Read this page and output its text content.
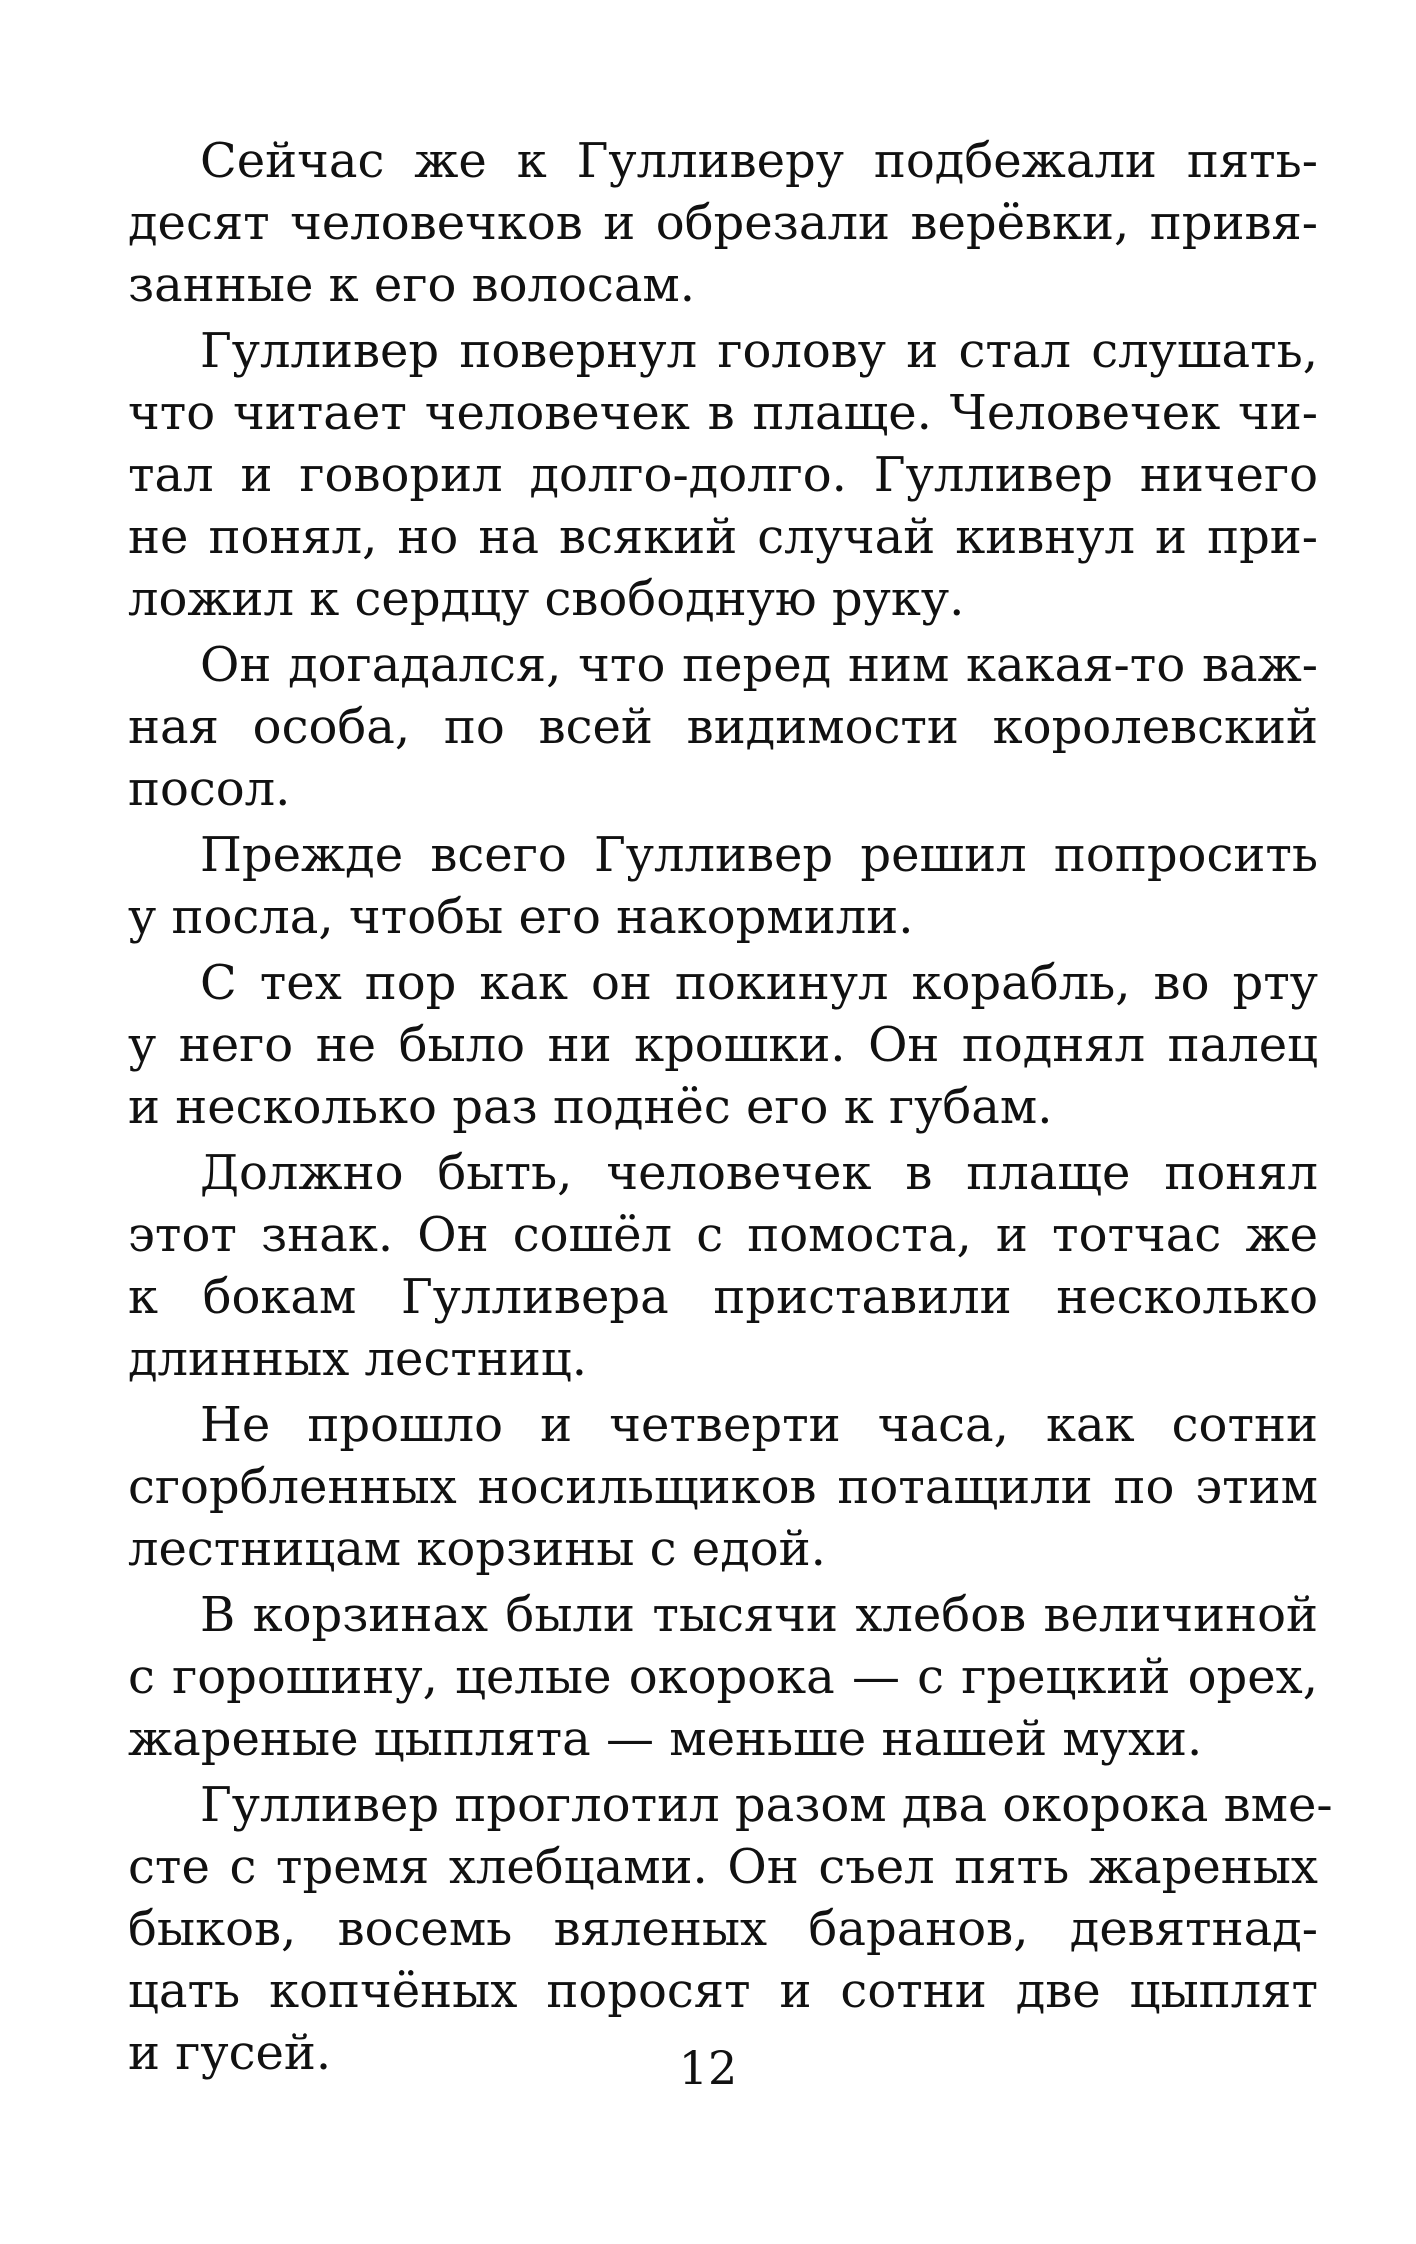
Сейчас же к Гулливеру подбежали пять-
десят человечков и обрезали верёвки, привя-
занные к его волосам.

Гулливер повернул голову и стал слушать,
что читает человечек в плаще. Человечек чи-
тал и говорил долго-долго. Гулливер ничего
не понял, но на всякий случай кивнул и при-
ложил к сердцу свободную руку.

Он догадался, что перед ним какая-то важ-
ная особа, по всей видимости королевский
посол.

Прежде всего Гулливер решил попросить
у посла, чтобы его накормили.

С тех пор как он покинул корабль, во рту
у него не было ни крошки. Он поднял палец
и несколько раз поднёс его к губам.

Должно быть, человечек в плаще понял
этот знак. Он сошёл с помоста, и тотчас же
к бокам Гулливера приставили несколько
длинных лестниц.

Не прошло и четверти часа, как сотни
сгорбленных носильщиков потащили по этим
лестницам корзины с едой.

В корзинах были тысячи хлебов величиной
с горошину, целые окорока — с грецкий орех,
жареные цыплята — меньше нашей мухи.

Гулливер проглотил разом два окорока вме-
сте с тремя хлебцами. Он съел пять жареных
быков, восемь вяленых баранов, девятнад-
цать копчёных поросят и сотни две цыплят
и гусей.	12
